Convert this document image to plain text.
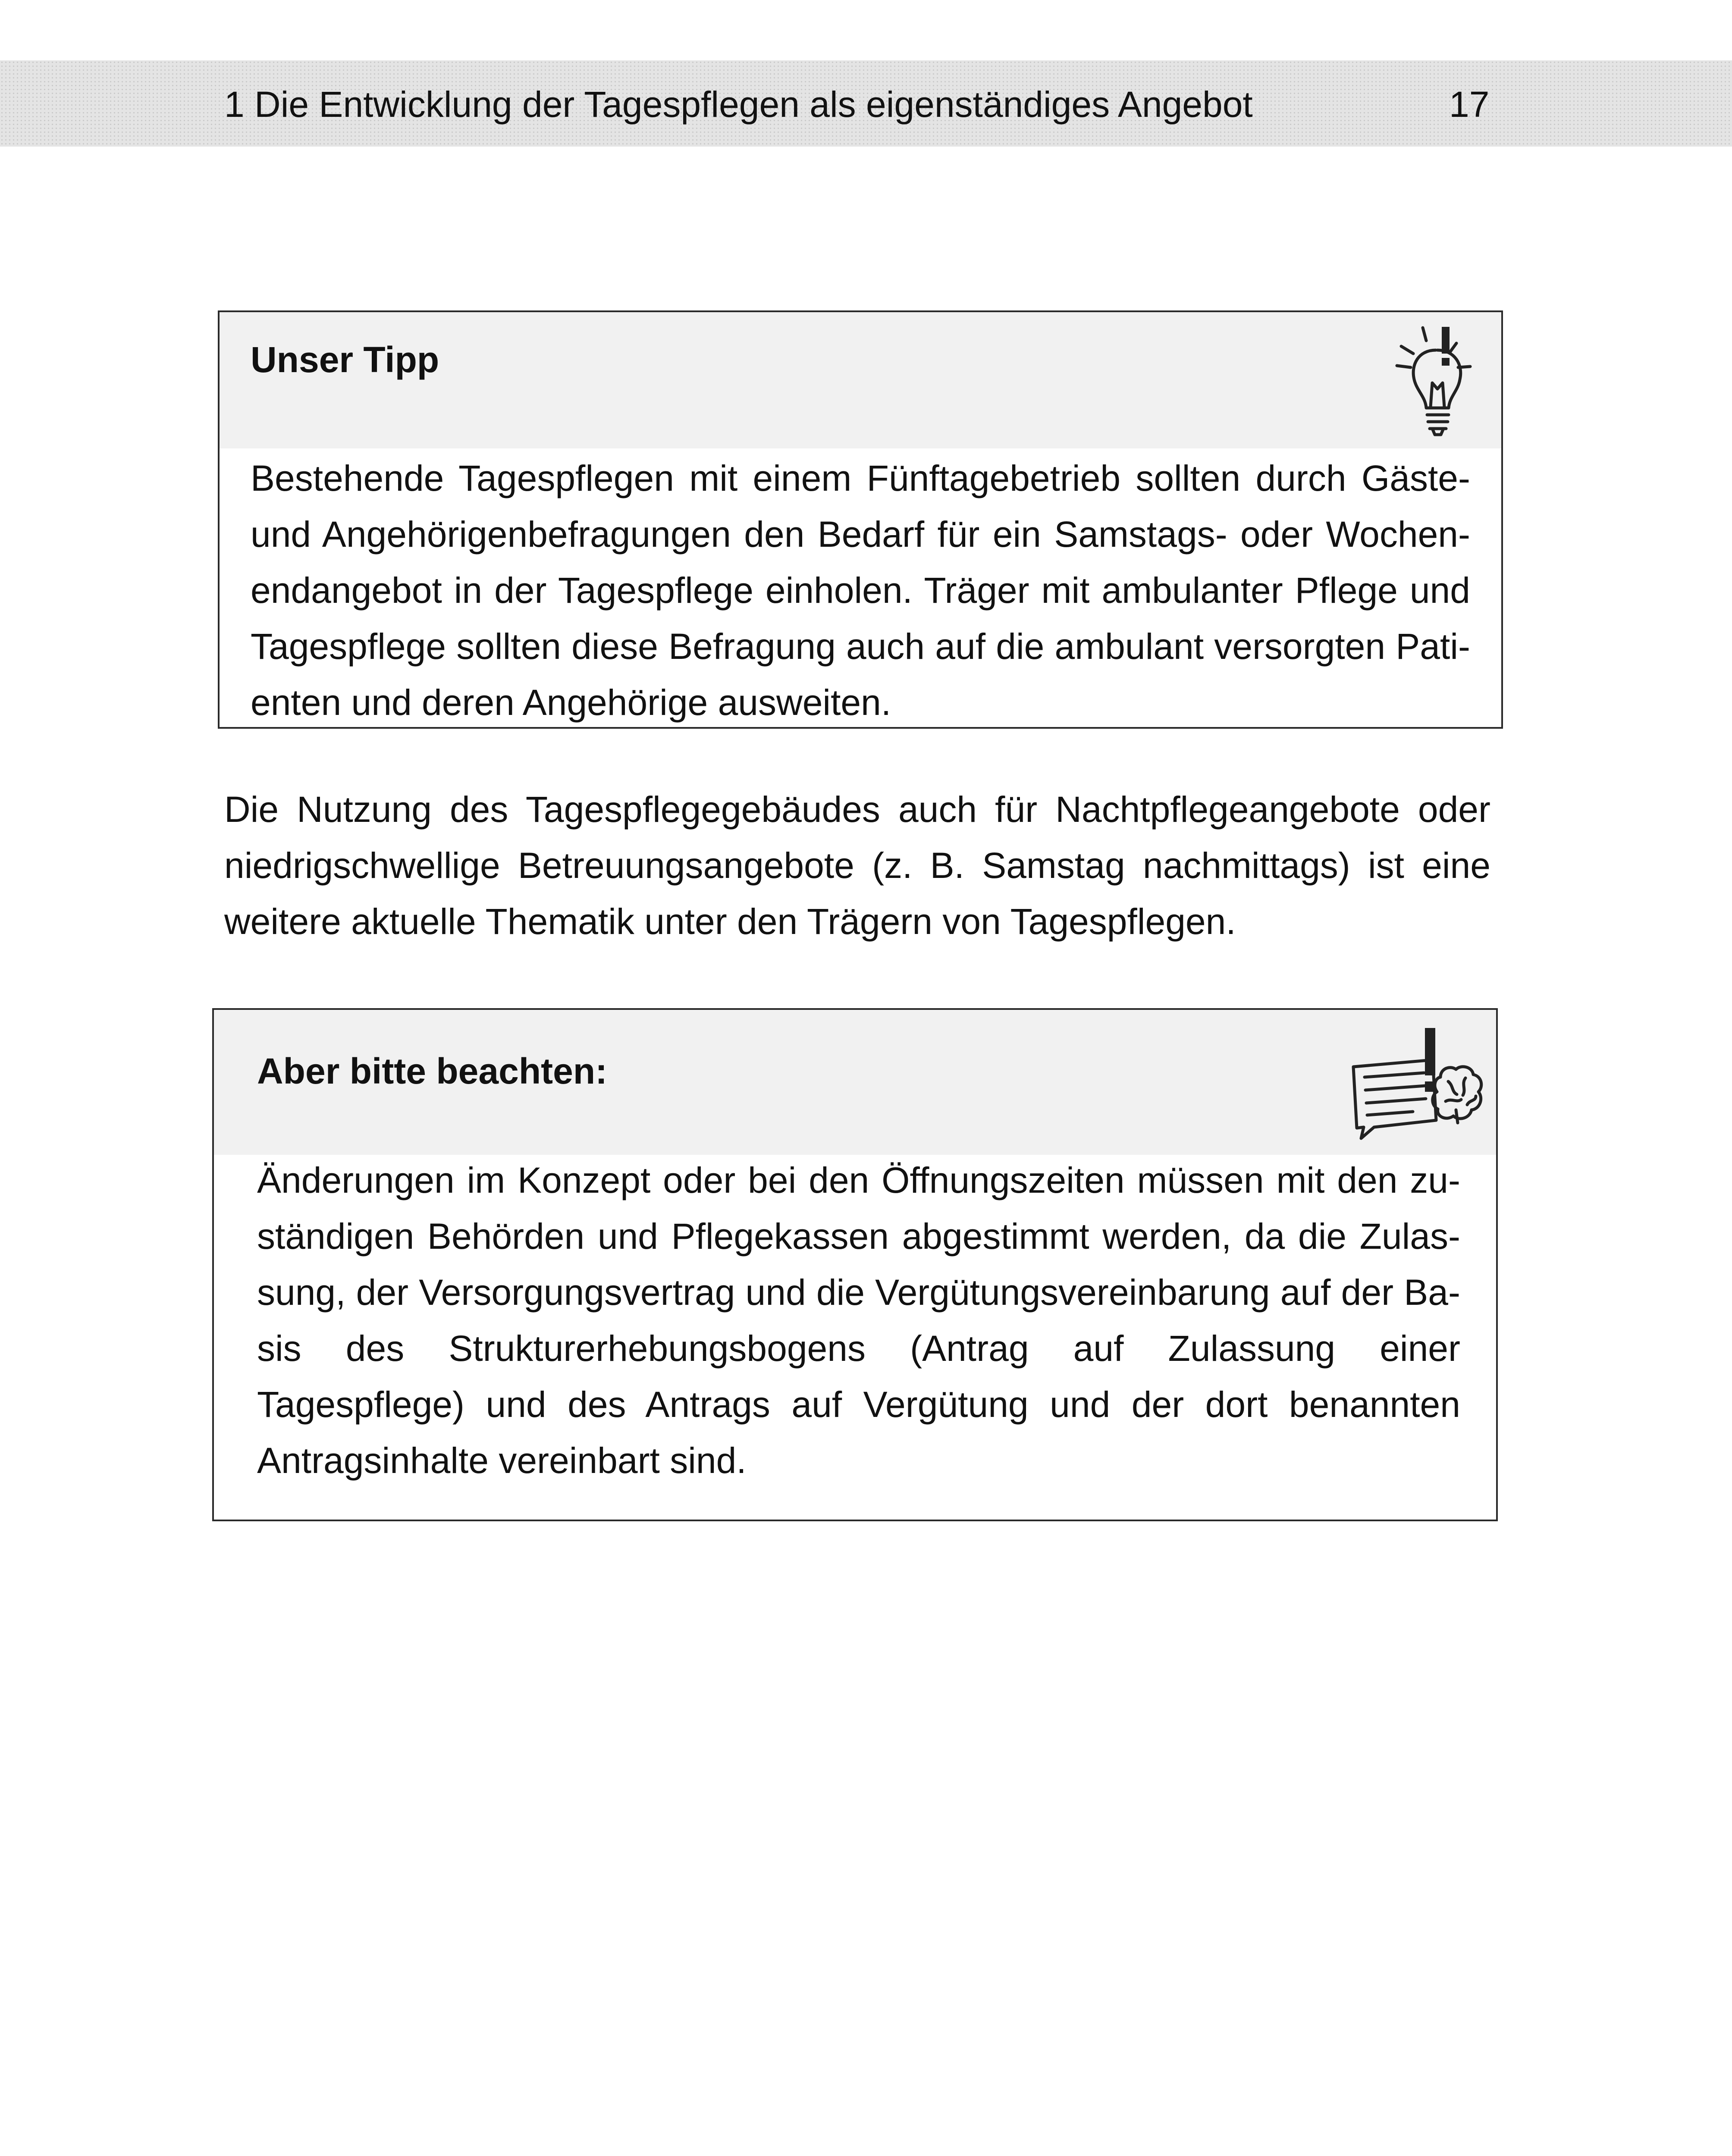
1 Die Entwicklung der Tagespflegen als eigenständiges Angebot	17
Unser Tipp

Bestehende Tagespflegen mit einem Fünftagebetrieb sollten durch Gäste- und Angehörigenbefragungen den Bedarf für ein Samstags- oder Wochenendangebot in der Tagespflege einholen. Träger mit ambulanter Pflege und Tagespflege sollten diese Befragung auch auf die ambulant versorgten Patienten und deren Angehörige ausweiten.

Die Nutzung des Tagespflegegebäudes auch für Nachtpflegeangebote oder niedrigschwellige Betreuungsangebote (z. B. Samstag nachmittags) ist eine weitere aktuelle Thematik unter den Trägern von Tagespflegen.

Aber bitte beachten:

Änderungen im Konzept oder bei den Öffnungszeiten müssen mit den zuständigen Behörden und Pflegekassen abgestimmt werden, da die Zulassung, der Versorgungsvertrag und die Vergütungsvereinbarung auf der Basis des Strukturerhebungsbogens (Antrag auf Zulassung einer Tagespflege) und des Antrags auf Vergütung und der dort benannten Antragsinhalte vereinbart sind.
